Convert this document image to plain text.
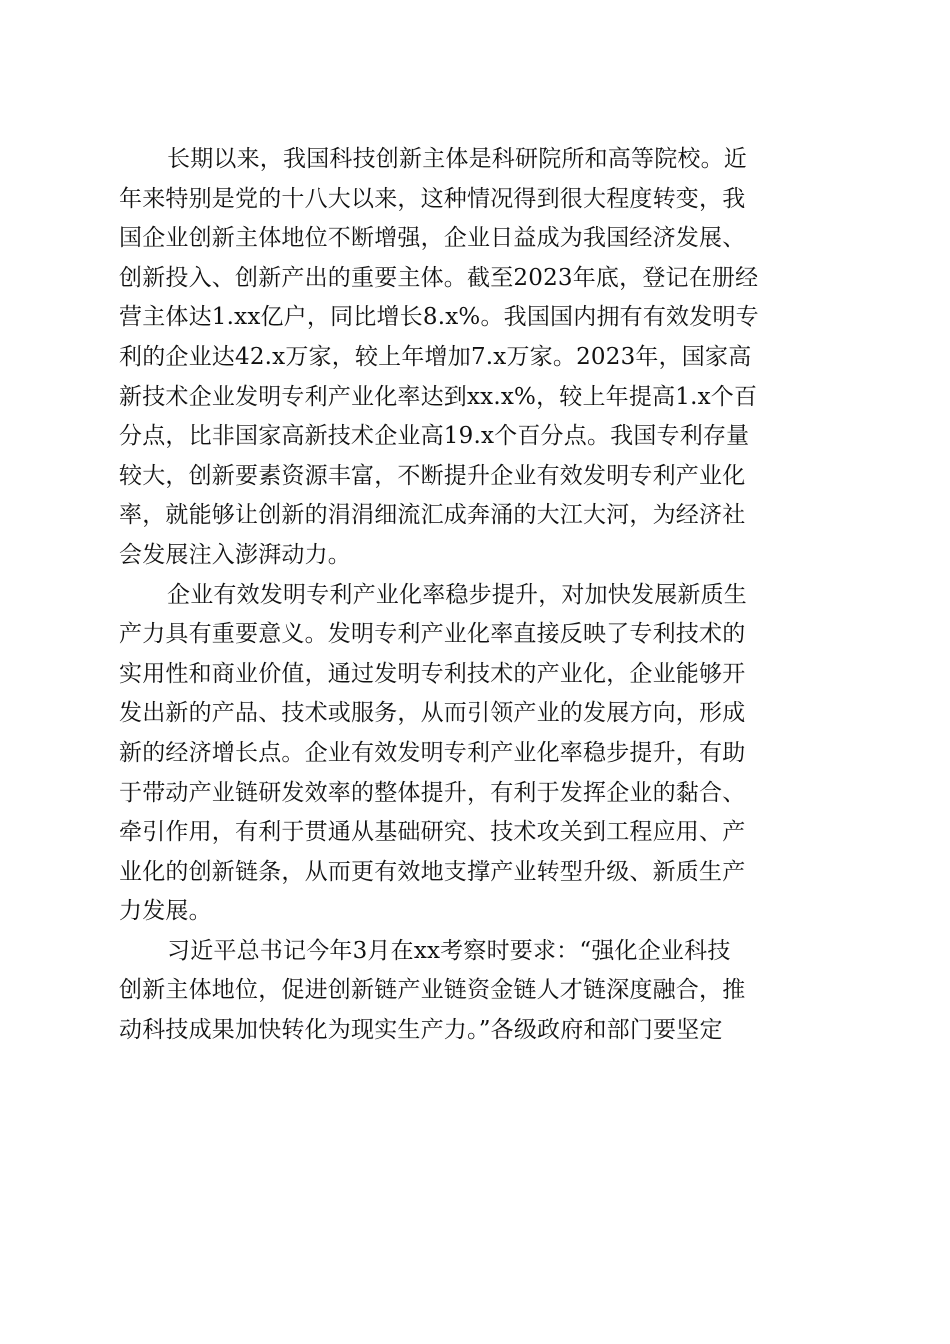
长期以来，我国科技创新主体是科研院所和高等院校。近
年来特别是党的十八大以来，这种情况得到很大程度转变，我
国企业创新主体地位不断增强，企业日益成为我国经济发展、
创新投入、创新产出的重要主体。截至2023年底，登记在册经
营主体达1.xx亿户，同比增长8.x%。我国国内拥有有效发明专
利的企业达42.x万家，较上年增加7.x万家。2023年，国家高
新技术企业发明专利产业化率达到xx.x%，较上年提高1.x个百
分点，比非国家高新技术企业高19.x个百分点。我国专利存量
较大，创新要素资源丰富，不断提升企业有效发明专利产业化
率，就能够让创新的涓涓细流汇成奔涌的大江大河，为经济社
会发展注入澎湃动力。
企业有效发明专利产业化率稳步提升，对加快发展新质生
产力具有重要意义。发明专利产业化率直接反映了专利技术的
实用性和商业价值，通过发明专利技术的产业化，企业能够开
发出新的产品、技术或服务，从而引领产业的发展方向，形成
新的经济增长点。企业有效发明专利产业化率稳步提升，有助
于带动产业链研发效率的整体提升，有利于发挥企业的黏合、
牵引作用，有利于贯通从基础研究、技术攻关到工程应用、产
业化的创新链条，从而更有效地支撑产业转型升级、新质生产
力发展。
习近平总书记今年3月在xx考察时要求：“强化企业科技
创新主体地位，促进创新链产业链资金链人才链深度融合，推
动科技成果加快转化为现实生产力。”各级政府和部门要坚定
